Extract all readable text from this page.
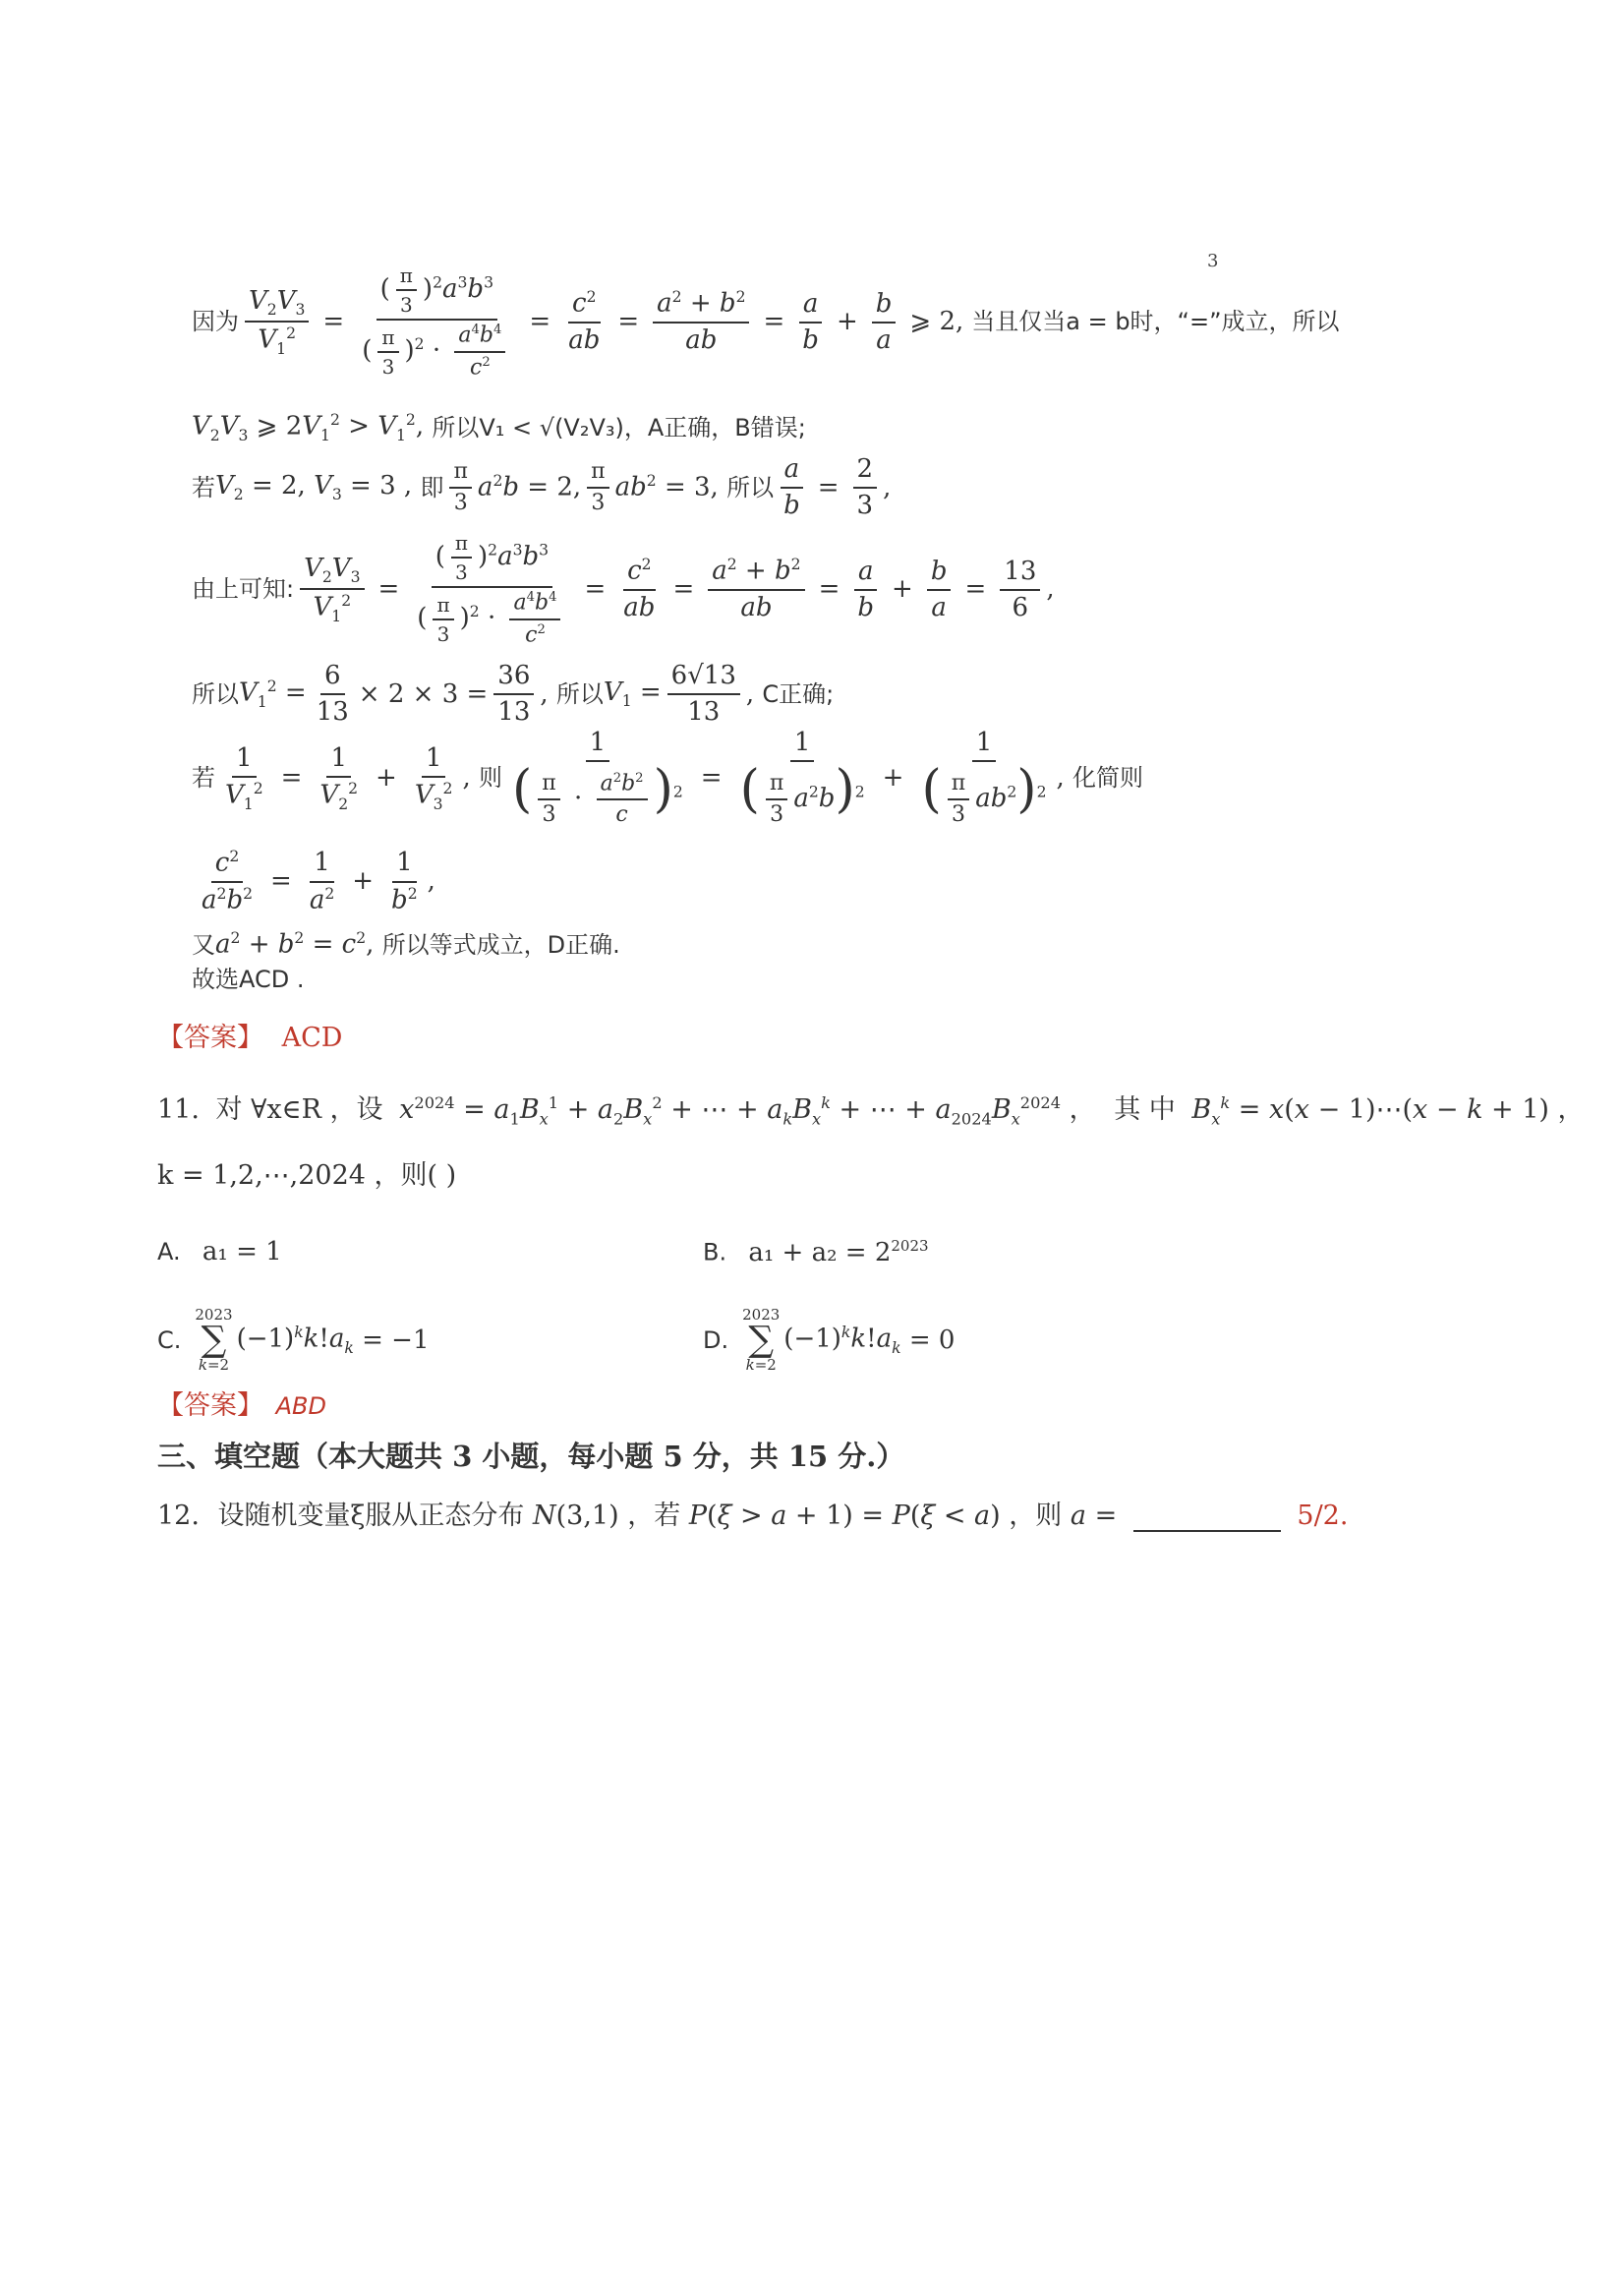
3
因为 $\frac{V_2V_3}{V_1^2} = \frac{( \frac{\pi}{3} )^2a^3b^3}{( \frac{\pi}{3} )^2 \cdot \frac{a^4b^4}{c^2}} = \frac{c^2}{ab} = \frac{a^2 + b^2}{ab} = \frac{a}{b} + \frac{b}{a}$ ⩾ 2, 当且仅当a = b时，“=”成立，所以
$V_2V_3$ ⩾ $2V_1^2 > V_1^2$, 所以V₁ < √(V₂V₃)，A正确，B错误;
若 $V_2 = 2$, $V_3 = 3$ , 即 $\frac{\pi}{3} a^2b = 2$, $\frac{\pi}{3} ab^2 = 3$, 所以 $\frac{a}{b} = \frac{2}{3}$ ,
由上可知: $\frac{V_2V_3}{V_1^2} = \frac{( \frac{\pi}{3} )^2a^3b^3}{( \frac{\pi}{3} )^2 \cdot \frac{a^4b^4}{c^2}} = \frac{c^2}{ab} = \frac{a^2 + b^2}{ab} = \frac{a}{b} + \frac{b}{a} = \frac{13}{6}$ ,
所以 $V_1^2 = \frac{6}{13} \times 2 \times 3 = \frac{36}{13}$ , 所以 $V_1 = \frac{6√13}{13}$ , C正确;
若 $\frac{1}{V_1^2} = \frac{1}{V_2^2} + \frac{1}{V_3^2}$ , 则 $\frac{1}{( \frac{\pi}{3} \cdot \frac{a^2b^2}{c} )^2} = \frac{1}{( \frac{\pi}{3} a^2b)^2} + \frac{1}{( \frac{\pi}{3} ab^2)^2}$ , 化简则
$\frac{c^2}{a^2b^2} = \frac{1}{a^2} + \frac{1}{b^2}$ ,
又 $a^2 + b^2 = c^2$, 所以等式成立，D正确.
故选ACD .
【答案】 ACD
11. 对 ∀x∈R ，设 $x^{2024} = a_1B_x^1 + a_2B_x^2$ + ⋯ + $a_kB_x^k$ + ⋯ + $a_{2024}B_x^{2024}$ ， 其 中 $B_x^k = x(x$ − 1)⋯(x − k + 1) ，
k = 1,2,⋯,2024 ，则( )
A. a₁ = 1	B. $a_1 + a_2 = 2^{2023}$
C.
2023
∑
k=2
$(-1)^kk!a_k = -1$	D.
2023
∑
k=2
$(-1)^kk!a_k = 0$
【答案】 ABD
三、填空题（本大题共 3 小题，每小题 5 分，共 15 分.）
12. 设随机变量ξ服从正态分布 N(3,1) ，若 P(ξ > a + 1) = P(ξ < a) ，则 a =	5/2.
